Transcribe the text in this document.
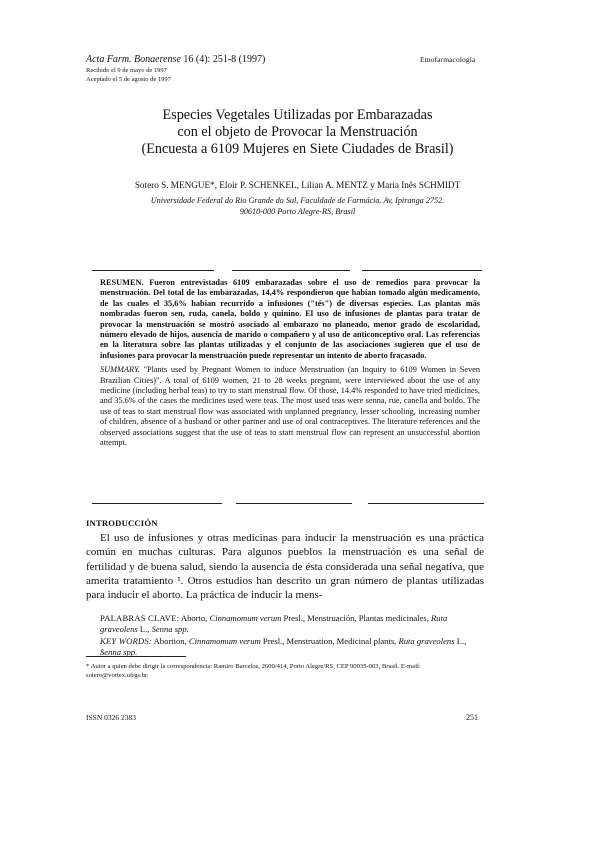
Acta Farm. Bonaerense 16 (4): 251-8 (1997)	Etnofarmacología
Recibido el 9 de mayo de 1997
Aceptado el 5 de agosto de 1997
Especies Vegetales Utilizadas por Embarazadas
con el objeto de Provocar la Menstruación
(Encuesta a 6109 Mujeres en Siete Ciudades de Brasil)
Sotero S. MENGUE*, Eloir P. SCHENKEL, Lilian A. MENTZ y Maria Inês SCHMIDT
Universidade Federal do Rio Grande do Sul, Faculdade de Farmácia. Av. Ipiranga 2752.
90610-000 Porto Alegre-RS, Brasil

RESUMEN. Fueron entrevistadas 6109 embarazadas sobre el uso de remedios para provocar la menstruación. Del total de las embarazadas, 14,4% respondieron que habían tomado algún medicamento, de las cuales el 35,6% habían recurrido a infusiones ("tés") de diversas especies. Las plantas más nombradas fueron sen, ruda, canela, boldo y quinino. El uso de infusiones de plantas para tratar de provocar la menstruación se mostró asociado al embarazo no planeado, menor grado de escolaridad, número elevado de hijos, ausencia de marido o compañero y al uso de anticonceptivo oral. Las referencias en la literatura sobre las plantas utilizadas y el conjunto de las asociaciones sugieren que el uso de infusiones para provocar la menstruación puede representar un intento de aborto fracasado.

SUMMARY. "Plants used by Pregnant Women to induce Menstruation (an Inquiry to 6109 Women in Seven Brazilian Cities)". A total of 6109 women, 21 to 28 weeks pregnant, were interviewed about the use of any medicine (including herbal teas) to try to start menstrual flow. Of those, 14.4% responded to have tried medicines, and 35.6% of the cases the medicines used were teas. The most used teas were senna, rue, canella and boldo. The use of teas to start menstrual flow was associated with unplanned pregnancy, lesser schooling, increasing number of children, absence of a husband or other partner and use of oral contraceptives. The literature references and the observed associations suggest that the use of teas to start menstrual flow can represent an unsuccessful abortion attempt.

INTRODUCCIÓN

El uso de infusiones y otras medicinas para inducir la menstruación es una práctica común en muchas culturas. Para algunos pueblos la menstruación es una señal de fertilidad y de buena salud, siendo la ausencia de ésta considerada una señal negativa, que amerita tratamiento ¹. Otros estudios han descrito un gran número de plantas utilizadas para inducir el aborto. La práctica de inducir la mens-

PALABRAS CLAVE: Aborto, Cinnamomum verum Presl., Menstruación, Plantas medicinales, Ruta graveolens L., Senna spp.

KEY WORDS: Abortion, Cinnamomum verum Presl., Menstruation, Medicinal plants, Ruta graveolens L., Senna spp.

* Autor a quien debe dirigir la correspondencia: Ramiro Barcelos, 2600/414, Porto Alegre/RS, CEP 90035-003, Brasil. E-mail: sotero@vortex.ufrgs.br.
ISSN 0326 2383	251
